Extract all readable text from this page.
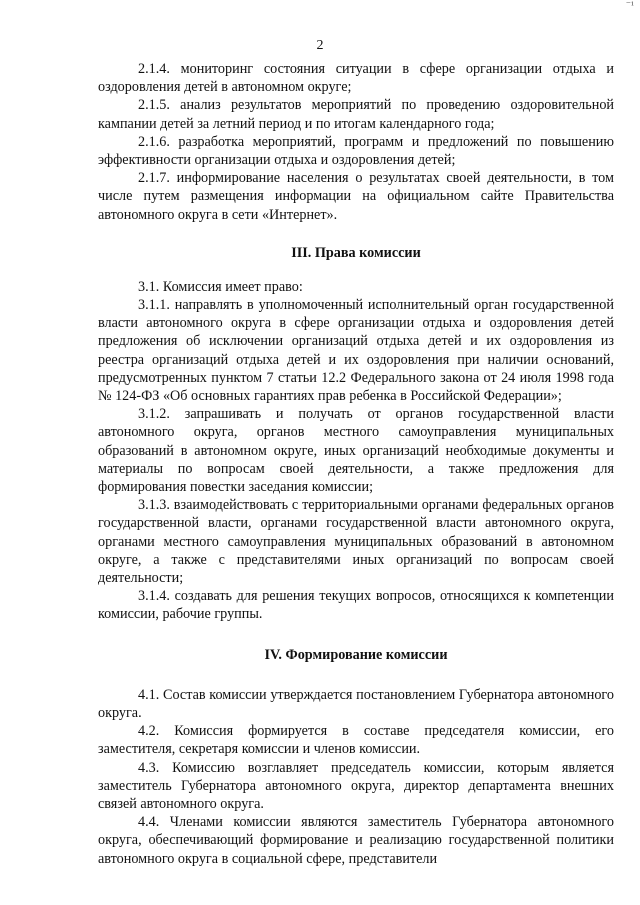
⁻¹
2

2.1.4. мониторинг состояния ситуации в сфере организации отдыха и оздоровления детей в автономном округе;

2.1.5. анализ результатов мероприятий по проведению оздоровительной кампании детей за летний период и по итогам календарного года;

2.1.6. разработка мероприятий, программ и предложений по повышению эффективности организации отдыха и оздоровления детей;

2.1.7. информирование населения о результатах своей деятельности, в том числе путем размещения информации на официальном сайте Правительства автономного округа в сети «Интернет».

III. Права комиссии

3.1. Комиссия имеет право:

3.1.1. направлять в уполномоченный исполнительный орган государственной власти автономного округа в сфере организации отдыха и оздоровления детей предложения об исключении организаций отдыха детей и их оздоровления из реестра организаций отдыха детей и их оздоровления при наличии оснований, предусмотренных пунктом 7 статьи 12.2 Федерального закона от 24 июля 1998 года № 124-ФЗ «Об основных гарантиях прав ребенка в Российской Федерации»;

3.1.2. запрашивать и получать от органов государственной власти автономного округа, органов местного самоуправления муниципальных образований в автономном округе, иных организаций необходимые документы и материалы по вопросам своей деятельности, а также предложения для формирования повестки заседания комиссии;

3.1.3. взаимодействовать с территориальными органами федеральных органов государственной власти, органами государственной власти автономного округа, органами местного самоуправления муниципальных образований в автономном округе, а также с представителями иных организаций по вопросам своей деятельности;

3.1.4. создавать для решения текущих вопросов, относящихся к компетенции комиссии, рабочие группы.

IV. Формирование комиссии

4.1. Состав комиссии утверждается постановлением Губернатора автономного округа.

4.2. Комиссия формируется в составе председателя комиссии, его заместителя, секретаря комиссии и членов комиссии.

4.3. Комиссию возглавляет председатель комиссии, которым является заместитель Губернатора автономного округа, директор департамента внешних связей автономного округа.

4.4. Членами комиссии являются заместитель Губернатора автономного округа, обеспечивающий формирование и реализацию государственной политики автономного округа в социальной сфере, представители
